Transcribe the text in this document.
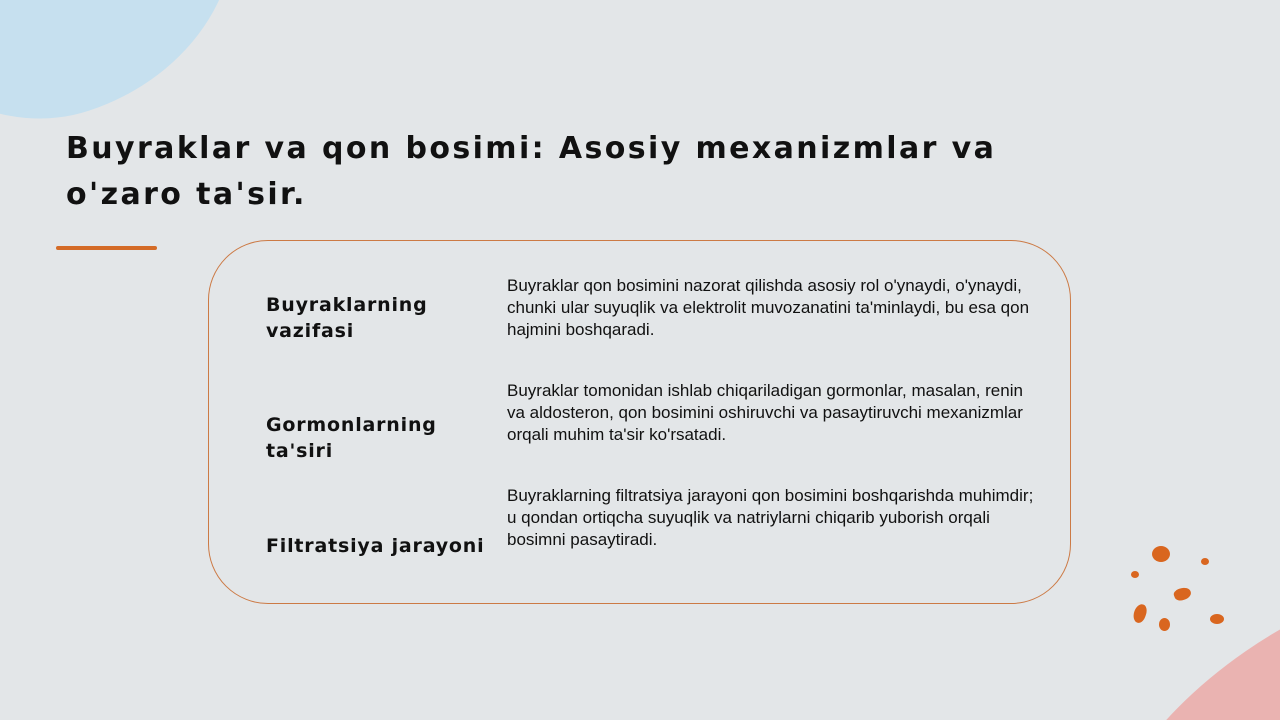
Buyraklar va qon bosimi: Asosiy mexanizmlar va o'zaro ta'sir.
Buyraklarning vazifasi
Buyraklar qon bosimini nazorat qilishda asosiy rol o'ynaydi, o'ynaydi, chunki ular suyuqlik va elektrolit muvozanatini ta'minlaydi, bu esa qon hajmini boshqaradi.
Gormonlarning ta'siri
Buyraklar tomonidan ishlab chiqariladigan gormonlar, masalan, renin va aldosteron, qon bosimini oshiruvchi va pasaytiruvchi mexanizmlar orqali muhim ta'sir ko'rsatadi.
Filtratsiya jarayoni
Buyraklarning filtratsiya jarayoni qon bosimini boshqarishda muhimdir; u qondan ortiqcha suyuqlik va natriylarni chiqarib yuborish orqali bosimni pasaytiradi.
